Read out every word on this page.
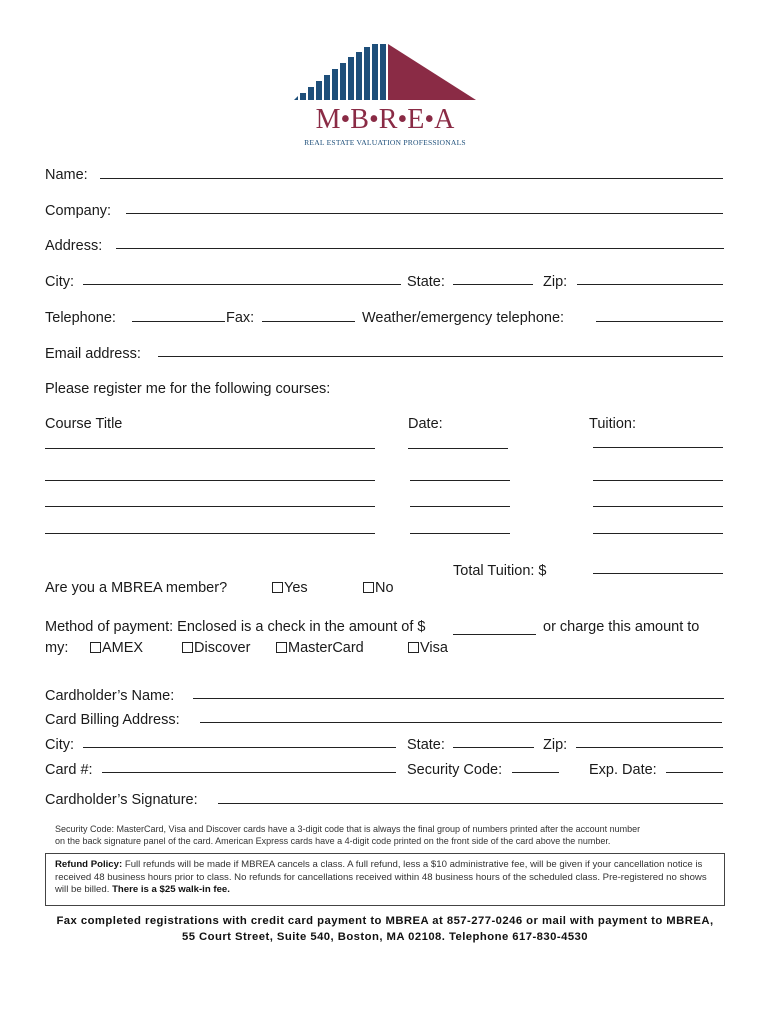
M•B•R•E•A
REAL ESTATE VALUATION PROFESSIONALS
Name:
Company:
Address:
City:	State:	Zip:
Telephone:	Fax:	Weather/emergency telephone:
Email address:
Please register me for the following courses:
Course Title	Date:	Tuition:
Total Tuition: $
Are you a MBREA member?	Yes	No
Method of payment: Enclosed is a check in the amount of $	or charge this amount to
my:	AMEX	Discover	MasterCard	Visa
Cardholder’s Name:
Card Billing Address:
City:	State:	Zip:
Card #:	Security Code:	Exp. Date:
Cardholder’s Signature:
Security Code: MasterCard, Visa and Discover cards have a 3-digit code that is always the final group of numbers printed after the account number
on the back signature panel of the card. American Express cards have a 4-digit code printed on the front side of the card above the number.
Refund Policy: Full refunds will be made if MBREA cancels a class. A full refund, less a $10 administrative fee, will be given if your cancellation notice is received 48 business hours prior to class. No refunds for cancellations received within 48 business hours of the scheduled class. Pre-registered no shows will be billed. There is a $25 walk-in fee.
Fax completed registrations with credit card payment to MBREA at 857-277-0246 or mail with payment to MBREA,
55 Court Street, Suite 540, Boston, MA 02108. Telephone 617-830-4530
